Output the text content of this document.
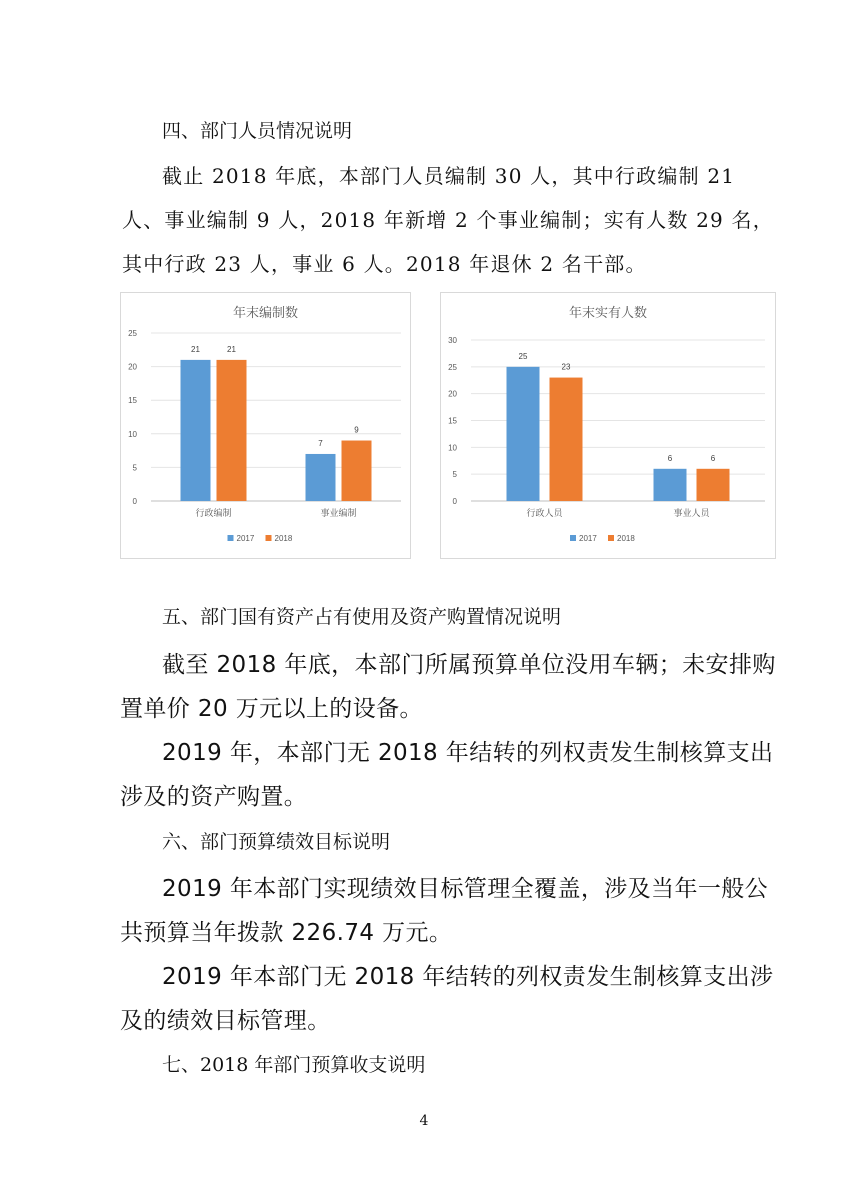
四、部门人员情况说明
截止 2018 年底，本部门人员编制 30 人，其中行政编制 21
人、事业编制 9 人，2018 年新增 2 个事业编制；实有人数 29 名，
其中行政 23 人，事业 6 人。2018 年退休 2 名干部。
年末编制数
0
5
10
15
20
25
21	21
行政编制
7
9
事业编制
2017	2018
年末实有人数
0
5
10
15
20
25
30
25
23
行政人员
6	6
事业人员
2017	2018
五、部门国有资产占有使用及资产购置情况说明
截至 2018 年底，本部门所属预算单位没用车辆；未安排购
置单价 20 万元以上的设备。
2019 年，本部门无 2018 年结转的列权责发生制核算支出
涉及的资产购置。
六、部门预算绩效目标说明
2019 年本部门实现绩效目标管理全覆盖，涉及当年一般公
共预算当年拨款 226.74 万元。
2019 年本部门无 2018 年结转的列权责发生制核算支出涉
及的绩效目标管理。
七、2018 年部门预算收支说明
4
